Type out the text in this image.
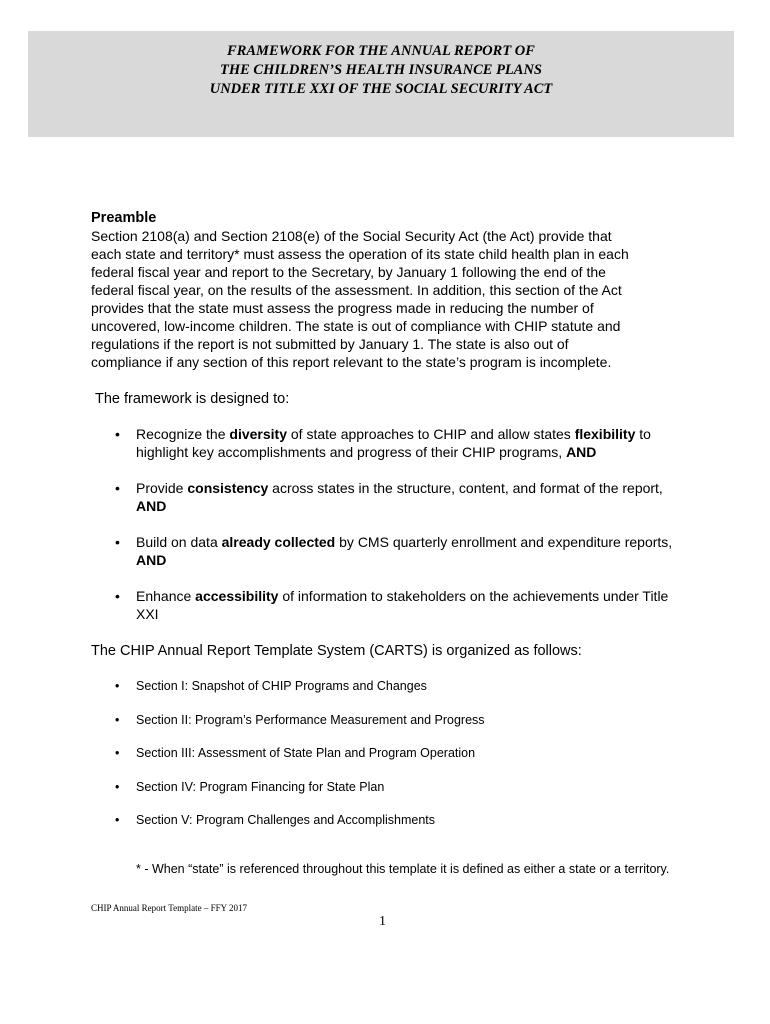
FRAMEWORK FOR THE ANNUAL REPORT OF
THE CHILDREN’S HEALTH INSURANCE PLANS
UNDER TITLE XXI OF THE SOCIAL SECURITY ACT
Preamble
Section 2108(a) and Section 2108(e) of the Social Security Act (the Act) provide that
each state and territory* must assess the operation of its state child health plan in each
federal fiscal year and report to the Secretary, by January 1 following the end of the
federal fiscal year, on the results of the assessment. In addition, this section of the Act
provides that the state must assess the progress made in reducing the number of
uncovered, low-income children. The state is out of compliance with CHIP statute and
regulations if the report is not submitted by January 1. The state is also out of
compliance if any section of this report relevant to the state’s program is incomplete.
The framework is designed to:
• Recognize the diversity of state approaches to CHIP and allow states flexibility to highlight key accomplishments and progress of their CHIP programs, AND
• Provide consistency across states in the structure, content, and format of the report, AND
• Build on data already collected by CMS quarterly enrollment and expenditure reports, AND
• Enhance accessibility of information to stakeholders on the achievements under Title XXI
The CHIP Annual Report Template System (CARTS) is organized as follows:
• Section I: Snapshot of CHIP Programs and Changes
• Section II: Program’s Performance Measurement and Progress
• Section III: Assessment of State Plan and Program Operation
• Section IV: Program Financing for State Plan
• Section V: Program Challenges and Accomplishments
* - When “state” is referenced throughout this template it is defined as either a state or a territory.
CHIP Annual Report Template – FFY 2017
1
